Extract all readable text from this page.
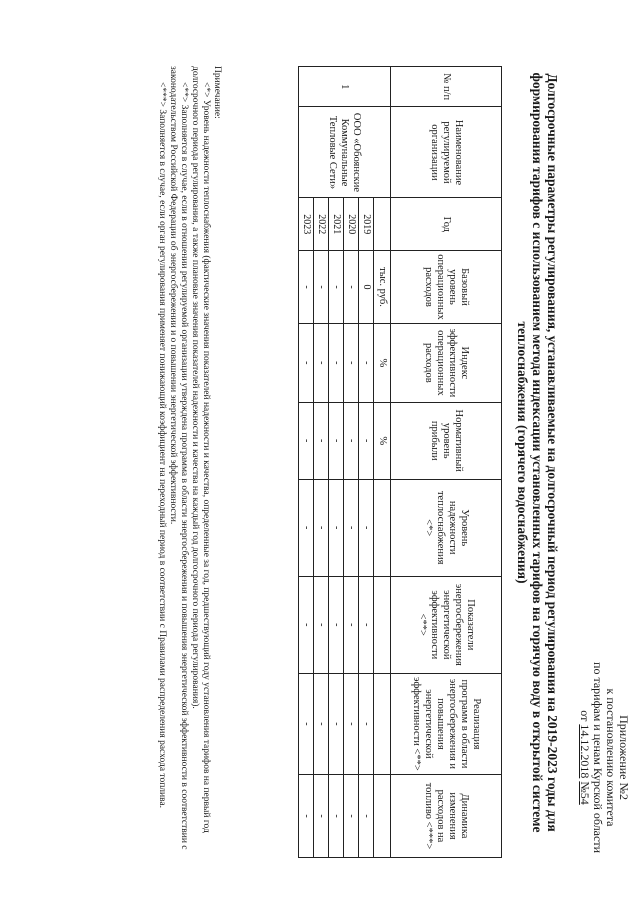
Приложение №2
к постановлению комитета
по тарифам и ценам Курской области
от 14.12.2018 №54
Долгосрочные параметры регулирования, устанавливаемые на долгосрочный период регулирования на 2019-2023 годы для формирования тарифов с использованием метода индексации установленных тарифов на горячую воду в открытой системе теплоснабжения (горячего водоснабжения)
№ п/п	Наименование регулируемой организации	Год	Базовый уровень операционных расходов	Индекс эффективности операционных расходов	Нормативный уровень прибыли	Уровень надежности теплоснабжения <*>	Показатели энергосбережения энергетической эффективности <**>	Реализация программ в области энергосбережения и повышения энергетической эффективности <**>	Динамика изменения расходов на топливо <***>
1	ООО «Обоянские Коммунальные Тепловые Сети»		тыс. руб.	%	%				
		2019	0	-	-	-	-	-	-
		2020	-	-	-	-	-	-	-
		2021	-	-	-	-	-	-	-
		2022	-	-	-	-	-	-	-
		2023	-	-	-	-	-	-	-

Примечание:

<*> Уровень надежности теплоснабжения (фактические значения показателей надежности и качества, определенные за год, предшествующий году установления тарифов на первый год долгосрочного периода регулирования, а также плановые значения показателей надежности и качества на каждый год долгосрочного периода регулирования).

<**> Заполняется в случае, если в отношении регулируемой организации утверждена программа в области энергосбережения и повышения энергетической эффективности в соответствии с законодательством Российской Федерации об энергосбережении и о повышении энергетической эффективности.

<***> Заполняется в случае, если орган регулирования применяет понижающий коэффициент на переходный период в соответствии с Правилами распределения расхода топлива.
